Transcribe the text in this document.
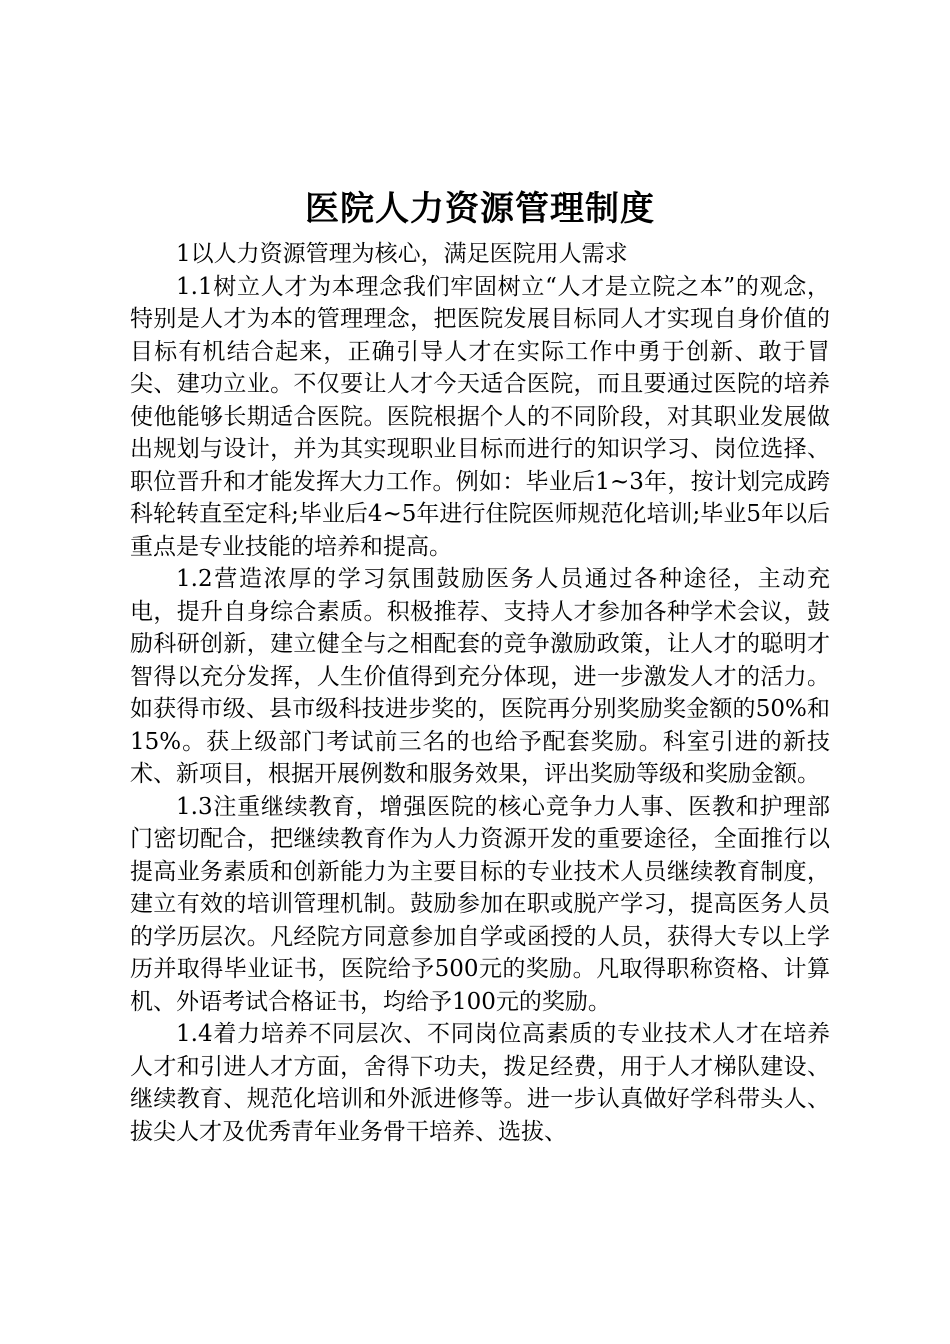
医院人力资源管理制度

1以人力资源管理为核心，满足医院用人需求

1.1树立人才为本理念我们牢固树立“人才是立院之本”的观念，特别是人才为本的管理理念，把医院发展目标同人才实现自身价值的目标有机结合起来，正确引导人才在实际工作中勇于创新、敢于冒尖、建功立业。不仅要让人才今天适合医院，而且要通过医院的培养使他能够长期适合医院。医院根据个人的不同阶段，对其职业发展做出规划与设计，并为其实现职业目标而进行的知识学习、岗位选择、职位晋升和才能发挥大力工作。例如：毕业后1~3年，按计划完成跨科轮转直至定科;毕业后4~5年进行住院医师规范化培训;毕业5年以后重点是专业技能的培养和提高。

1.2营造浓厚的学习氛围鼓励医务人员通过各种途径，主动充电，提升自身综合素质。积极推荐、支持人才参加各种学术会议，鼓励科研创新，建立健全与之相配套的竞争激励政策，让人才的聪明才智得以充分发挥，人生价值得到充分体现，进一步激发人才的活力。如获得市级、县市级科技进步奖的，医院再分别奖励奖金额的50%和15%。获上级部门考试前三名的也给予配套奖励。科室引进的新技术、新项目，根据开展例数和服务效果，评出奖励等级和奖励金额。

1.3注重继续教育，增强医院的核心竞争力人事、医教和护理部门密切配合，把继续教育作为人力资源开发的重要途径，全面推行以提高业务素质和创新能力为主要目标的专业技术人员继续教育制度，建立有效的培训管理机制。鼓励参加在职或脱产学习，提高医务人员的学历层次。凡经院方同意参加自学或函授的人员，获得大专以上学历并取得毕业证书，医院给予500元的奖励。凡取得职称资格、计算机、外语考试合格证书，均给予100元的奖励。

1.4着力培养不同层次、不同岗位高素质的专业技术人才在培养人才和引进人才方面，舍得下功夫，拨足经费，用于人才梯队建设、继续教育、规范化培训和外派进修等。进一步认真做好学科带头人、拔尖人才及优秀青年业务骨干培养、选拔、
